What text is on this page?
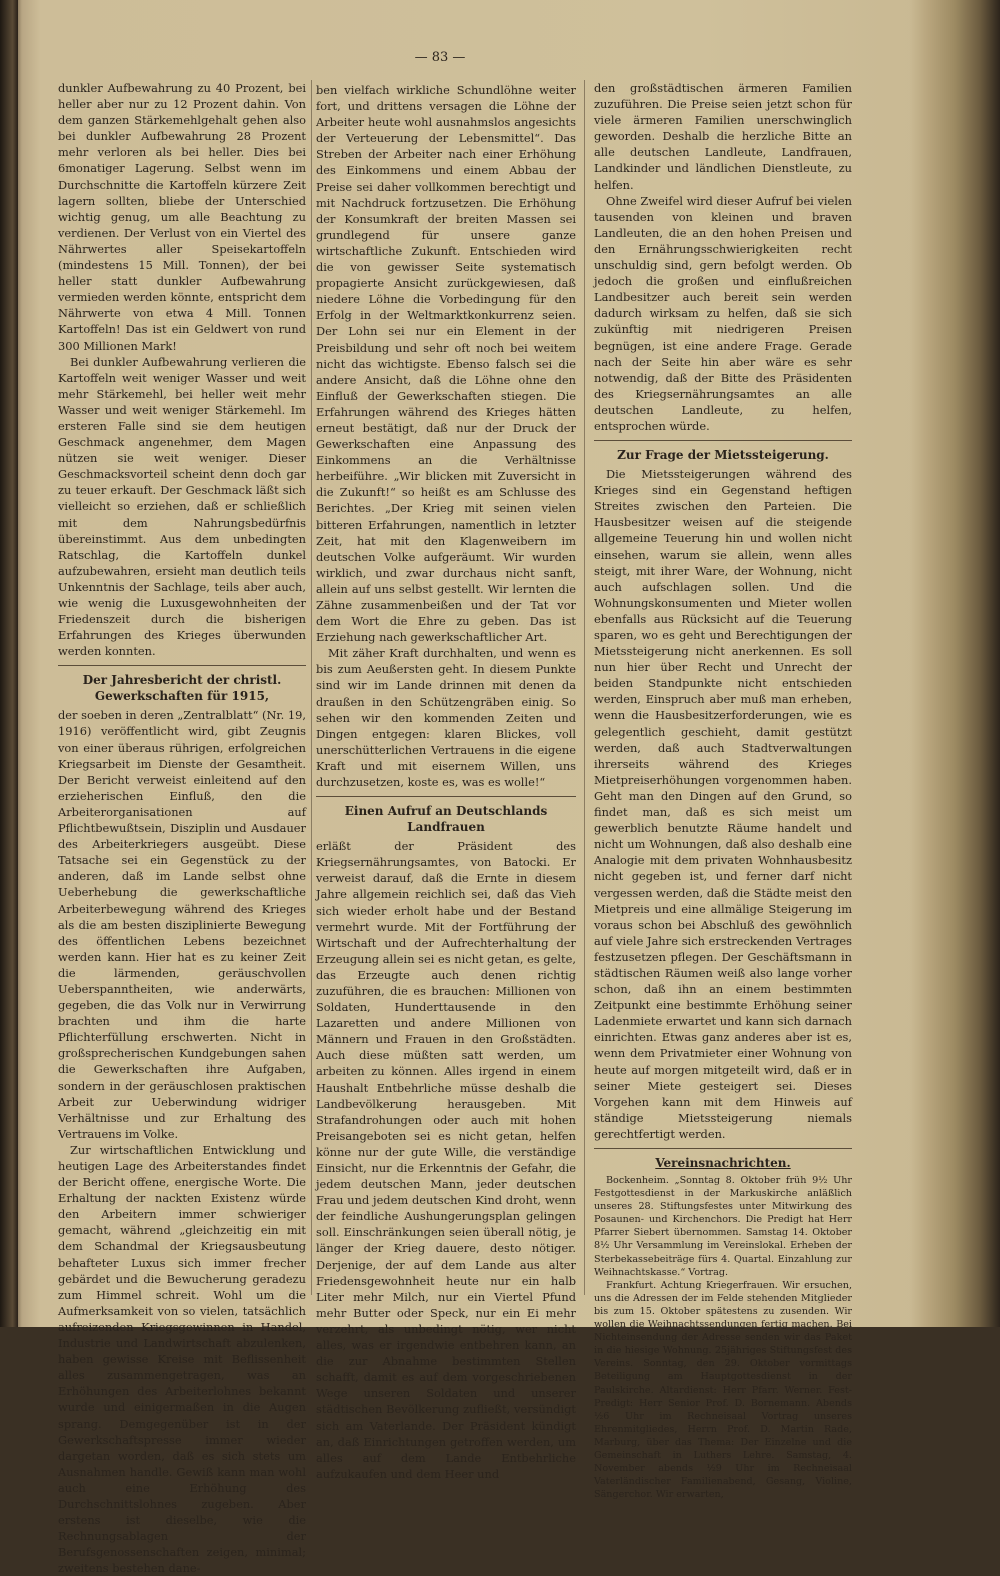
— 83 —

dunkler Aufbewahrung zu 40 Prozent, bei heller aber nur zu 12 Prozent dahin. Von dem ganzen Stärkemehlgehalt gehen also bei dunkler Aufbewahrung 28 Prozent mehr verloren als bei heller. Dies bei 6monatiger Lagerung. Selbst wenn im Durchschnitte die Kartoffeln kürzere Zeit lagern sollten, bliebe der Unterschied wichtig genug, um alle Beachtung zu verdienen. Der Verlust von ein Viertel des Nährwertes aller Speisekartoffeln (mindestens 15 Mill. Tonnen), der bei heller statt dunkler Aufbewahrung vermieden werden könnte, entspricht dem Nährwerte von etwa 4 Mill. Tonnen Kartoffeln! Das ist ein Geldwert von rund 300 Millionen Mark!

Bei dunkler Aufbewahrung verlieren die Kartoffeln weit weniger Wasser und weit mehr Stärkemehl, bei heller weit mehr Wasser und weit weniger Stärkemehl. Im ersteren Falle sind sie dem heutigen Geschmack angenehmer, dem Magen nützen sie weit weniger. Dieser Geschmacksvorteil scheint denn doch gar zu teuer erkauft. Der Geschmack läßt sich vielleicht so erziehen, daß er schließlich mit dem Nahrungsbedürfnis übereinstimmt. Aus dem unbedingten Ratschlag, die Kartoffeln dunkel aufzubewahren, ersieht man deutlich teils Unkenntnis der Sachlage, teils aber auch, wie wenig die Luxusgewohnheiten der Friedenszeit durch die bisherigen Erfahrungen des Krieges überwunden werden konnten.

Der Jahresbericht der christl. Gewerkschaften für 1915,

der soeben in deren „Zentralblatt“ (Nr. 19, 1916) veröffentlicht wird, gibt Zeugnis von einer überaus rührigen, erfolgreichen Kriegsarbeit im Dienste der Gesamtheit. Der Bericht verweist einleitend auf den erzieherischen Einfluß, den die Arbeiterorganisationen auf Pflichtbewußtsein, Disziplin und Ausdauer des Arbeiterkriegers ausgeübt. Diese Tatsache sei ein Gegenstück zu der anderen, daß im Lande selbst ohne Ueberhebung die gewerkschaftliche Arbeiterbewegung während des Krieges als die am besten disziplinierte Bewegung des öffentlichen Lebens bezeichnet werden kann. Hier hat es zu keiner Zeit die lärmenden, geräuschvollen Ueberspanntheiten, wie anderwärts, gegeben, die das Volk nur in Verwirrung brachten und ihm die harte Pflichterfüllung erschwerten. Nicht in großsprecherischen Kundgebungen sahen die Gewerkschaften ihre Aufgaben, sondern in der geräuschlosen praktischen Arbeit zur Ueberwindung widriger Verhältnisse und zur Erhaltung des Vertrauens im Volke.

Zur wirtschaftlichen Entwicklung und heutigen Lage des Arbeiterstandes findet der Bericht offene, energische Worte. Die Erhaltung der nackten Existenz würde den Arbeitern immer schwieriger gemacht, während „gleichzeitig ein mit dem Schandmal der Kriegsausbeutung behafteter Luxus sich immer frecher gebärdet und die Bewucherung geradezu zum Himmel schreit. Wohl um die Aufmerksamkeit von so vielen, tatsächlich aufreizenden Kriegsgewinnen in Handel, Industrie und Landwirtschaft abzulenken, haben gewisse Kreise mit Beflissenheit alles zusammengetragen, was an Erhöhungen des Arbeiterlohnes bekannt wurde und einigermaßen in die Augen sprang. Demgegenüber ist in der Gewerkschaftspresse immer wieder dargetan worden, daß es sich stets um Ausnahmen handle. Gewiß kann man wohl auch eine Erhöhung des Durchschnittslohnes zugeben. Aber erstens ist dieselbe, wie die Rechnungsablagen der Berufsgenossenschaften zeigen, minimal; zweitens bestehen dane-

ben vielfach wirkliche Schundlöhne weiter fort, und drittens versagen die Löhne der Arbeiter heute wohl ausnahmslos angesichts der Verteuerung der Lebensmittel“. Das Streben der Arbeiter nach einer Erhöhung des Einkommens und einem Abbau der Preise sei daher vollkommen berechtigt und mit Nachdruck fortzusetzen. Die Erhöhung der Konsumkraft der breiten Massen sei grundlegend für unsere ganze wirtschaftliche Zukunft. Entschieden wird die von gewisser Seite systematisch propagierte Ansicht zurückgewiesen, daß niedere Löhne die Vorbedingung für den Erfolg in der Weltmarktkonkurrenz seien. Der Lohn sei nur ein Element in der Preisbildung und sehr oft noch bei weitem nicht das wichtigste. Ebenso falsch sei die andere Ansicht, daß die Löhne ohne den Einfluß der Gewerkschaften stiegen. Die Erfahrungen während des Krieges hätten erneut bestätigt, daß nur der Druck der Gewerkschaften eine Anpassung des Einkommens an die Verhältnisse herbeiführe. „Wir blicken mit Zuversicht in die Zukunft!“ so heißt es am Schlusse des Berichtes. „Der Krieg mit seinen vielen bitteren Erfahrungen, namentlich in letzter Zeit, hat mit den Klagenweibern im deutschen Volke aufgeräumt. Wir wurden wirklich, und zwar durchaus nicht sanft, allein auf uns selbst gestellt. Wir lernten die Zähne zusammenbeißen und der Tat vor dem Wort die Ehre zu geben. Das ist Erziehung nach gewerkschaftlicher Art.

Mit zäher Kraft durchhalten, und wenn es bis zum Aeußersten geht. In diesem Punkte sind wir im Lande drinnen mit denen da draußen in den Schützengräben einig. So sehen wir den kommenden Zeiten und Dingen entgegen: klaren Blickes, voll unerschütterlichen Vertrauens in die eigene Kraft und mit eisernem Willen, uns durchzusetzen, koste es, was es wolle!“

Einen Aufruf an Deutschlands Landfrauen

erläßt der Präsident des Kriegsernährungsamtes, von Batocki. Er verweist darauf, daß die Ernte in diesem Jahre allgemein reichlich sei, daß das Vieh sich wieder erholt habe und der Bestand vermehrt wurde. Mit der Fortführung der Wirtschaft und der Aufrechterhaltung der Erzeugung allein sei es nicht getan, es gelte, das Erzeugte auch denen richtig zuzuführen, die es brauchen: Millionen von Soldaten, Hunderttausende in den Lazaretten und andere Millionen von Männern und Frauen in den Großstädten. Auch diese müßten satt werden, um arbeiten zu können. Alles irgend in einem Haushalt Entbehrliche müsse deshalb die Landbevölkerung herausgeben. Mit Strafandrohungen oder auch mit hohen Preisangeboten sei es nicht getan, helfen könne nur der gute Wille, die verständige Einsicht, nur die Erkenntnis der Gefahr, die jedem deutschen Mann, jeder deutschen Frau und jedem deutschen Kind droht, wenn der feindliche Aushungerungsplan gelingen soll. Einschränkungen seien überall nötig, je länger der Krieg dauere, desto nötiger. Derjenige, der auf dem Lande aus alter Friedensgewohnheit heute nur ein halb Liter mehr Milch, nur ein Viertel Pfund mehr Butter oder Speck, nur ein Ei mehr verzehrt, als unbedingt nötig, wer nicht alles, was er irgendwie entbehren kann, an die zur Abnahme bestimmten Stellen schafft, damit es auf dem vorgeschriebenen Wege unseren Soldaten und unserer städtischen Bevölkerung zufließt, versündigt sich am Vaterlande. Der Präsident kündigt an, daß Einrichtungen getroffen werden, um alles auf dem Lande Entbehrliche aufzukaufen und dem Heer und

den großstädtischen ärmeren Familien zuzuführen. Die Preise seien jetzt schon für viele ärmeren Familien unerschwinglich geworden. Deshalb die herzliche Bitte an alle deutschen Landleute, Landfrauen, Landkinder und ländlichen Dienstleute, zu helfen.

Ohne Zweifel wird dieser Aufruf bei vielen tausenden von kleinen und braven Landleuten, die an den hohen Preisen und den Ernährungsschwierigkeiten recht unschuldig sind, gern befolgt werden. Ob jedoch die großen und einflußreichen Landbesitzer auch bereit sein werden dadurch wirksam zu helfen, daß sie sich zukünftig mit niedrigeren Preisen begnügen, ist eine andere Frage. Gerade nach der Seite hin aber wäre es sehr notwendig, daß der Bitte des Präsidenten des Kriegsernährungsamtes an alle deutschen Landleute, zu helfen, entsprochen würde.

Zur Frage der Mietssteigerung.

Die Mietssteigerungen während des Krieges sind ein Gegenstand heftigen Streites zwischen den Parteien. Die Hausbesitzer weisen auf die steigende allgemeine Teuerung hin und wollen nicht einsehen, warum sie allein, wenn alles steigt, mit ihrer Ware, der Wohnung, nicht auch aufschlagen sollen. Und die Wohnungskonsumenten und Mieter wollen ebenfalls aus Rücksicht auf die Teuerung sparen, wo es geht und Berechtigungen der Mietssteigerung nicht anerkennen. Es soll nun hier über Recht und Unrecht der beiden Standpunkte nicht entschieden werden, Einspruch aber muß man erheben, wenn die Hausbesitzerforderungen, wie es gelegentlich geschieht, damit gestützt werden, daß auch Stadtverwaltungen ihrerseits während des Krieges Mietpreiserhöhungen vorgenommen haben. Geht man den Dingen auf den Grund, so findet man, daß es sich meist um gewerblich benutzte Räume handelt und nicht um Wohnungen, daß also deshalb eine Analogie mit dem privaten Wohnhausbesitz nicht gegeben ist, und ferner darf nicht vergessen werden, daß die Städte meist den Mietpreis und eine allmälige Steigerung im voraus schon bei Abschluß des gewöhnlich auf viele Jahre sich erstreckenden Vertrages festzusetzen pflegen. Der Geschäftsmann in städtischen Räumen weiß also lange vorher schon, daß ihn an einem bestimmten Zeitpunkt eine bestimmte Erhöhung seiner Ladenmiete erwartet und kann sich darnach einrichten. Etwas ganz anderes aber ist es, wenn dem Privatmieter einer Wohnung von heute auf morgen mitgeteilt wird, daß er in seiner Miete gesteigert sei. Dieses Vorgehen kann mit dem Hinweis auf ständige Mietssteigerung niemals gerechtfertigt werden.

Vereinsnachrichten.

Bockenheim. „Sonntag 8. Oktober früh 9½ Uhr Festgottesdienst in der Markuskirche anläßlich unseres 28. Stiftungsfestes unter Mitwirkung des Posaunen- und Kirchenchors. Die Predigt hat Herr Pfarrer Siebert übernommen. Samstag 14. Oktober 8½ Uhr Versammlung im Vereinslokal. Erheben der Sterbekassebeiträge fürs 4. Quartal. Einzahlung zur Weihnachtskasse.“ Vortrag.

Frankfurt. Achtung Kriegerfrauen. Wir ersuchen, uns die Adressen der im Felde stehenden Mitglieder bis zum 15. Oktober spätestens zu zusenden. Wir wollen die Weihnachtssendungen fertig machen. Bei Nichteinsendung der Adresse senden wir das Paket in die hiesige Wohnung. 25jähriges Stiftungsfest des Vereins. Sonntag, den 29. Oktober vormittags Beteiligung am Hauptgottesdienst in der Paulskirche. Altardienst: Herr Pfarr. Werner. Fest-Predigt: Herr Senior Prof. D. Bornemann. Abends ½6 Uhr im Rechneisaal Vortrag unseres Ehrenmitgliedes, Herrn Prof. D. Martin Rade, Marburg, über das Thema: Der Einzelne und die Gemeinschaft in Luthers Lehre. Samstag, 4. November abends ½9 Uhr im Rechneisaal Vaterländischer Familienabend, Gesang, Violine, Sängerchor. Wir erwarten,
